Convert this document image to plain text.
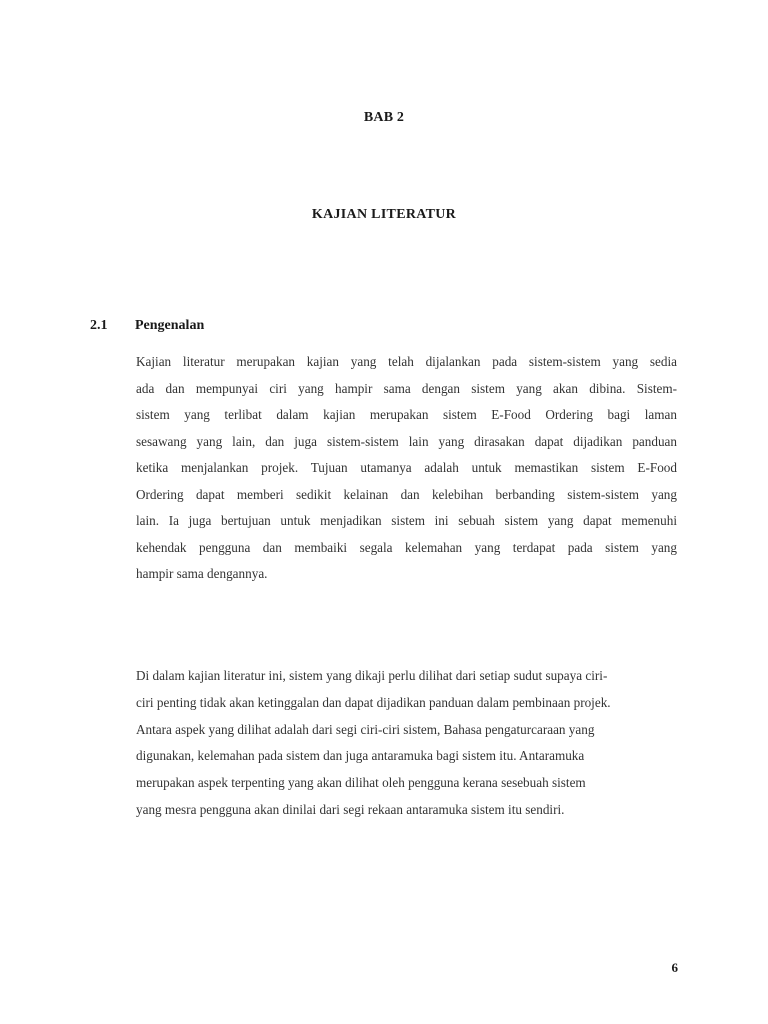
BAB 2
KAJIAN LITERATUR
2.1 Pengenalan
Kajian literatur merupakan kajian yang telah dijalankan pada sistem-sistem yang sedia
ada dan mempunyai ciri yang hampir sama dengan sistem yang akan dibina. Sistem-
sistem yang terlibat dalam kajian merupakan sistem E-Food Ordering bagi laman
sesawang yang lain, dan juga sistem-sistem lain yang dirasakan dapat dijadikan panduan
ketika menjalankan projek. Tujuan utamanya adalah untuk memastikan sistem E-Food
Ordering dapat memberi sedikit kelainan dan kelebihan berbanding sistem-sistem yang
lain. Ia juga bertujuan untuk menjadikan sistem ini sebuah sistem yang dapat memenuhi
kehendak pengguna dan membaiki segala kelemahan yang terdapat pada sistem yang
hampir sama dengannya.
Di dalam kajian literatur ini, sistem yang dikaji perlu dilihat dari setiap sudut supaya ciri-
ciri penting tidak akan ketinggalan dan dapat dijadikan panduan dalam pembinaan projek.
Antara aspek yang dilihat adalah dari segi ciri-ciri sistem, Bahasa pengaturcaraan yang
digunakan, kelemahan pada sistem dan juga antaramuka bagi sistem itu. Antaramuka
merupakan aspek terpenting yang akan dilihat oleh pengguna kerana sesebuah sistem
yang mesra pengguna akan dinilai dari segi rekaan antaramuka sistem itu sendiri.
6
